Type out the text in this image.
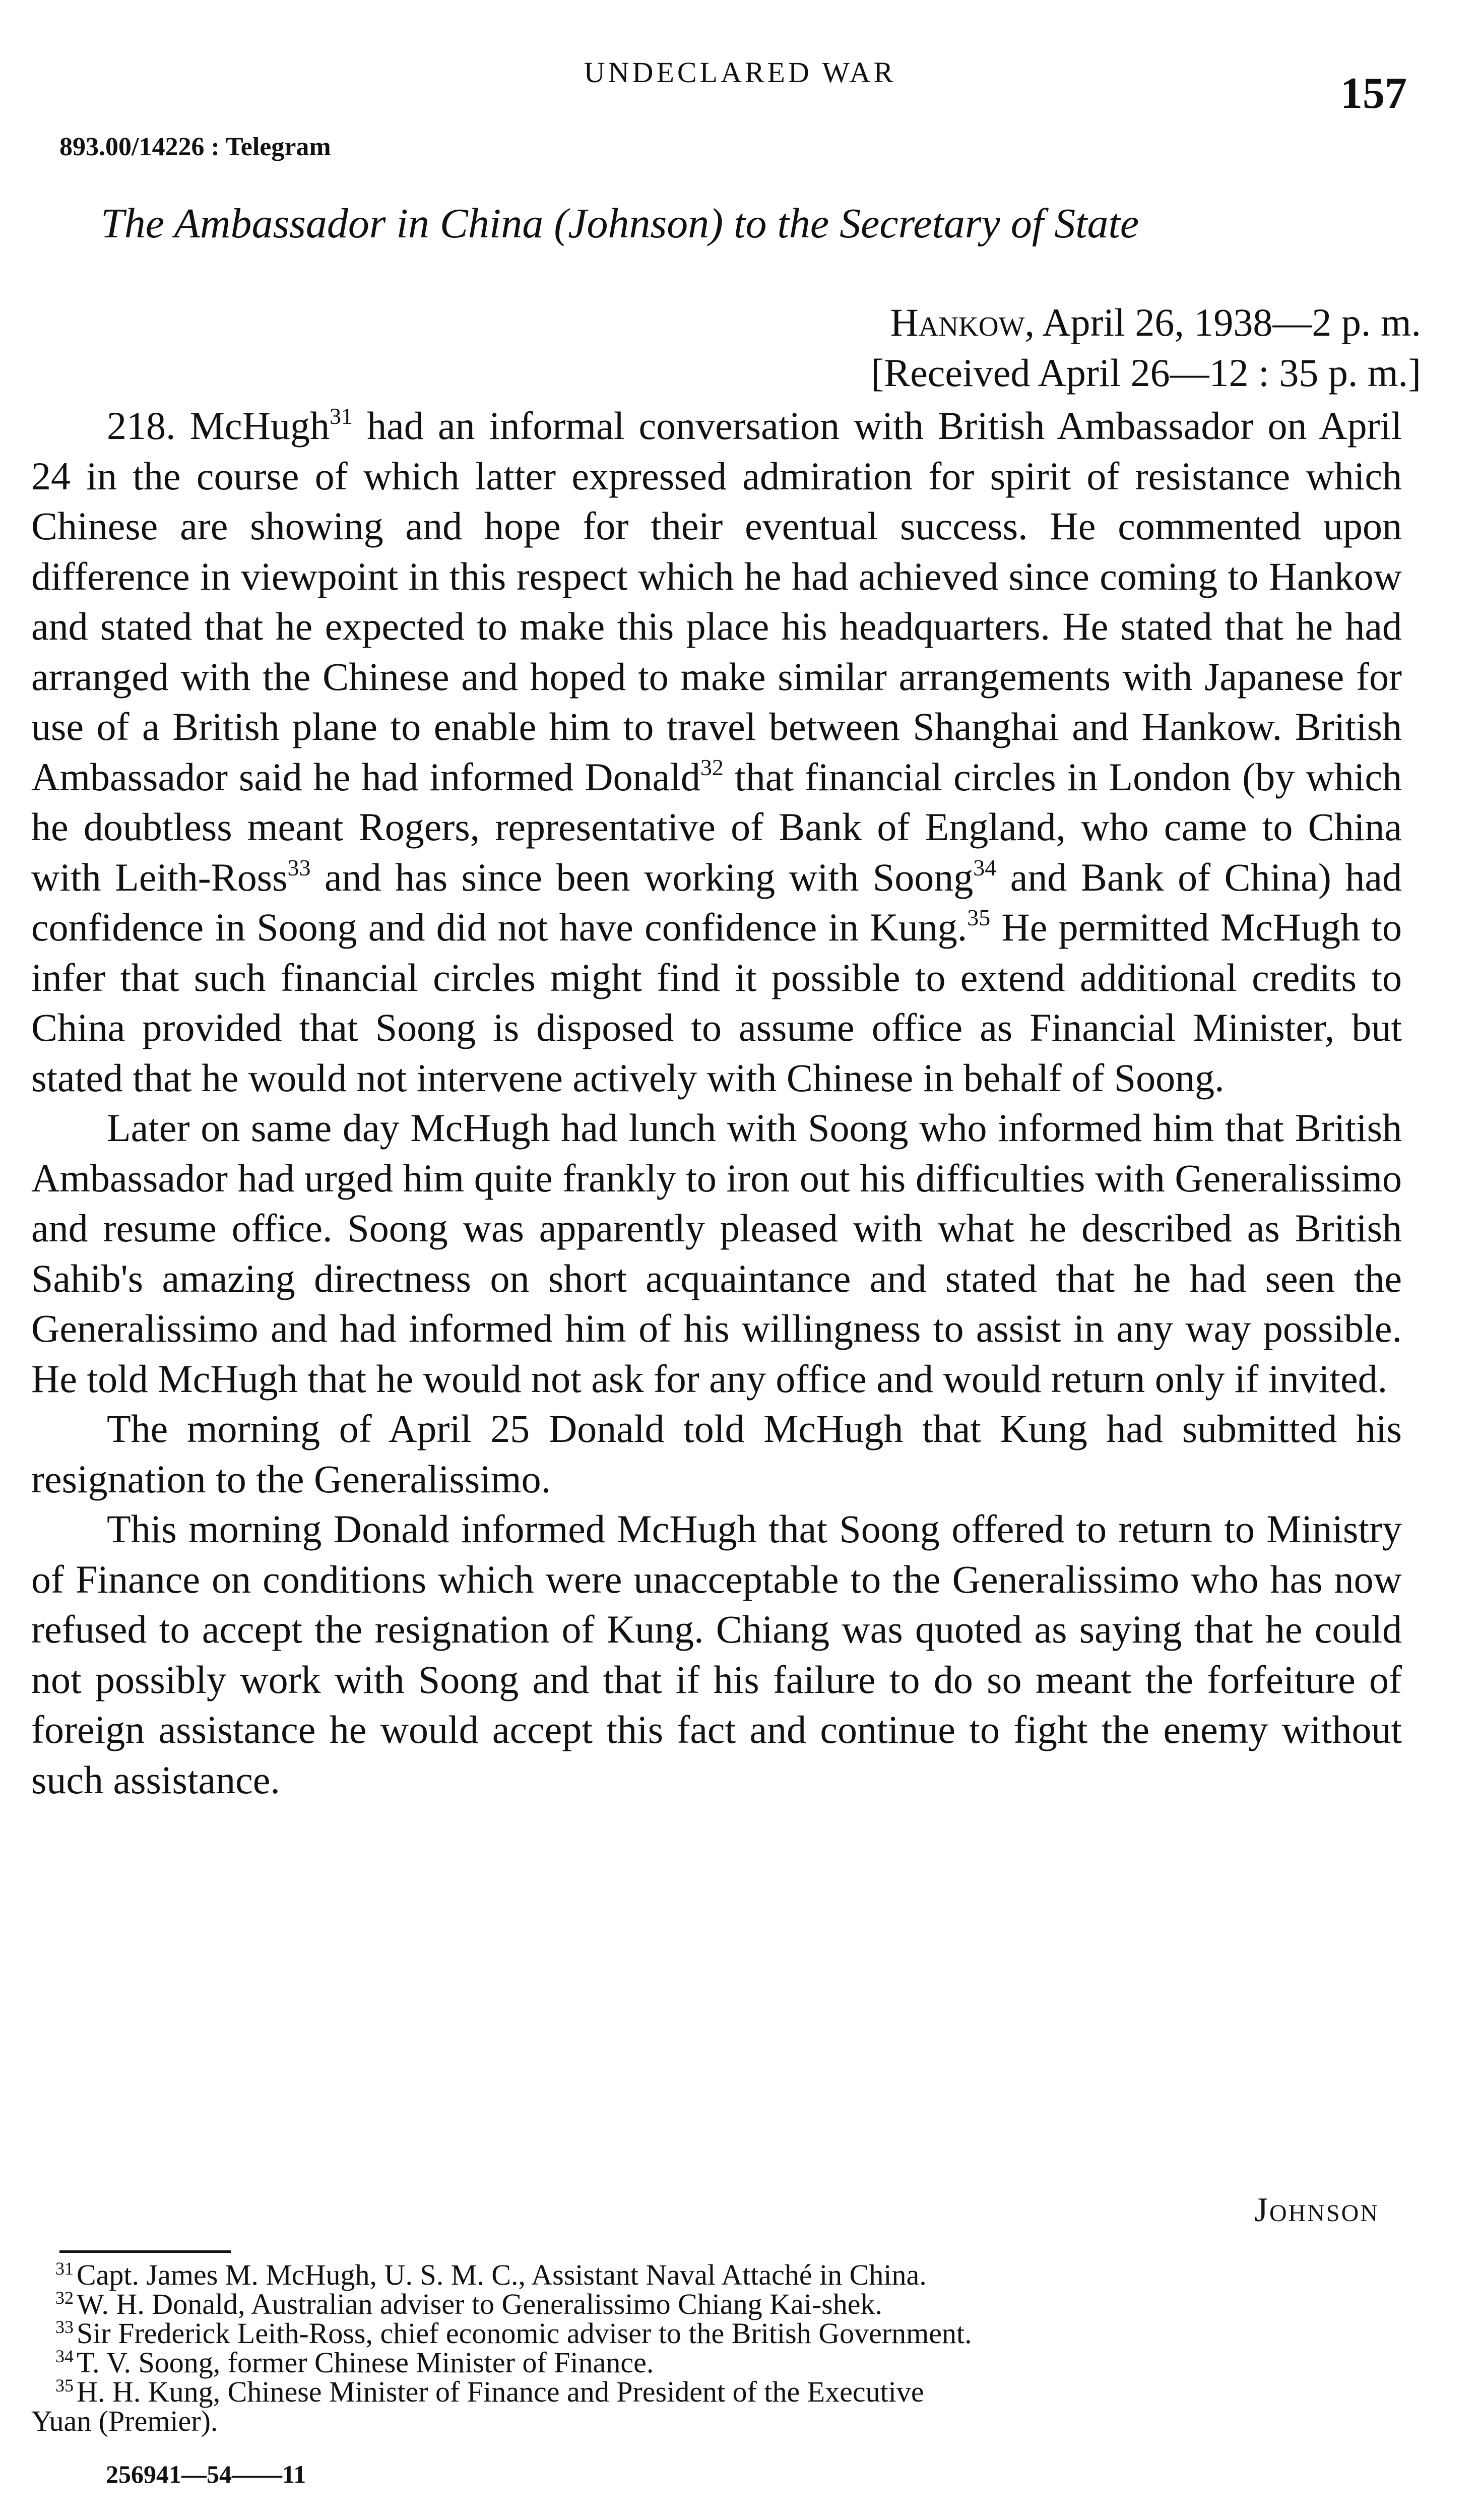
UNDECLARED WAR	157
893.00/14226 : Telegram
The Ambassador in China (Johnson) to the Secretary of State
Hankow, April 26, 1938—2 p. m.
[Received April 26—12 : 35 p. m.]

218. McHugh$^{31}$ had an informal conversation with British Ambassador on April 24 in the course of which latter expressed admiration for spirit of resistance which Chinese are showing and hope for their eventual success. He commented upon difference in viewpoint in this respect which he had achieved since coming to Hankow and stated that he expected to make this place his headquarters. He stated that he had arranged with the Chinese and hoped to make similar arrangements with Japanese for use of a British plane to enable him to travel between Shanghai and Hankow. British Ambassador said he had informed Donald$^{32}$ that financial circles in London (by which he doubtless meant Rogers, representative of Bank of England, who came to China with Leith-Ross$^{33}$ and has since been working with Soong$^{34}$ and Bank of China) had confidence in Soong and did not have confidence in Kung.$^{35}$ He permitted McHugh to infer that such financial circles might find it possible to extend additional credits to China provided that Soong is disposed to assume office as Financial Minister, but stated that he would not intervene actively with Chinese in behalf of Soong.

Later on same day McHugh had lunch with Soong who informed him that British Ambassador had urged him quite frankly to iron out his difficulties with Generalissimo and resume office. Soong was apparently pleased with what he described as British Sahib's amazing directness on short acquaintance and stated that he had seen the Generalissimo and had informed him of his willingness to assist in any way possible. He told McHugh that he would not ask for any office and would return only if invited.

The morning of April 25 Donald told McHugh that Kung had submitted his resignation to the Generalissimo.

This morning Donald informed McHugh that Soong offered to return to Ministry of Finance on conditions which were unacceptable to the Generalissimo who has now refused to accept the resignation of Kung. Chiang was quoted as saying that he could not possibly work with Soong and that if his failure to do so meant the forfeiture of foreign assistance he would accept this fact and continue to fight the enemy without such assistance.

Johnson
$^{31}$ Capt. James M. McHugh, U. S. M. C., Assistant Naval Attaché in China.
$^{32}$ W. H. Donald, Australian adviser to Generalissimo Chiang Kai-shek.
$^{33}$ Sir Frederick Leith-Ross, chief economic adviser to the British Government.
$^{34}$ T. V. Soong, former Chinese Minister of Finance.
$^{35}$ H. H. Kung, Chinese Minister of Finance and President of the Executive
Yuan (Premier).
256941—54——11
